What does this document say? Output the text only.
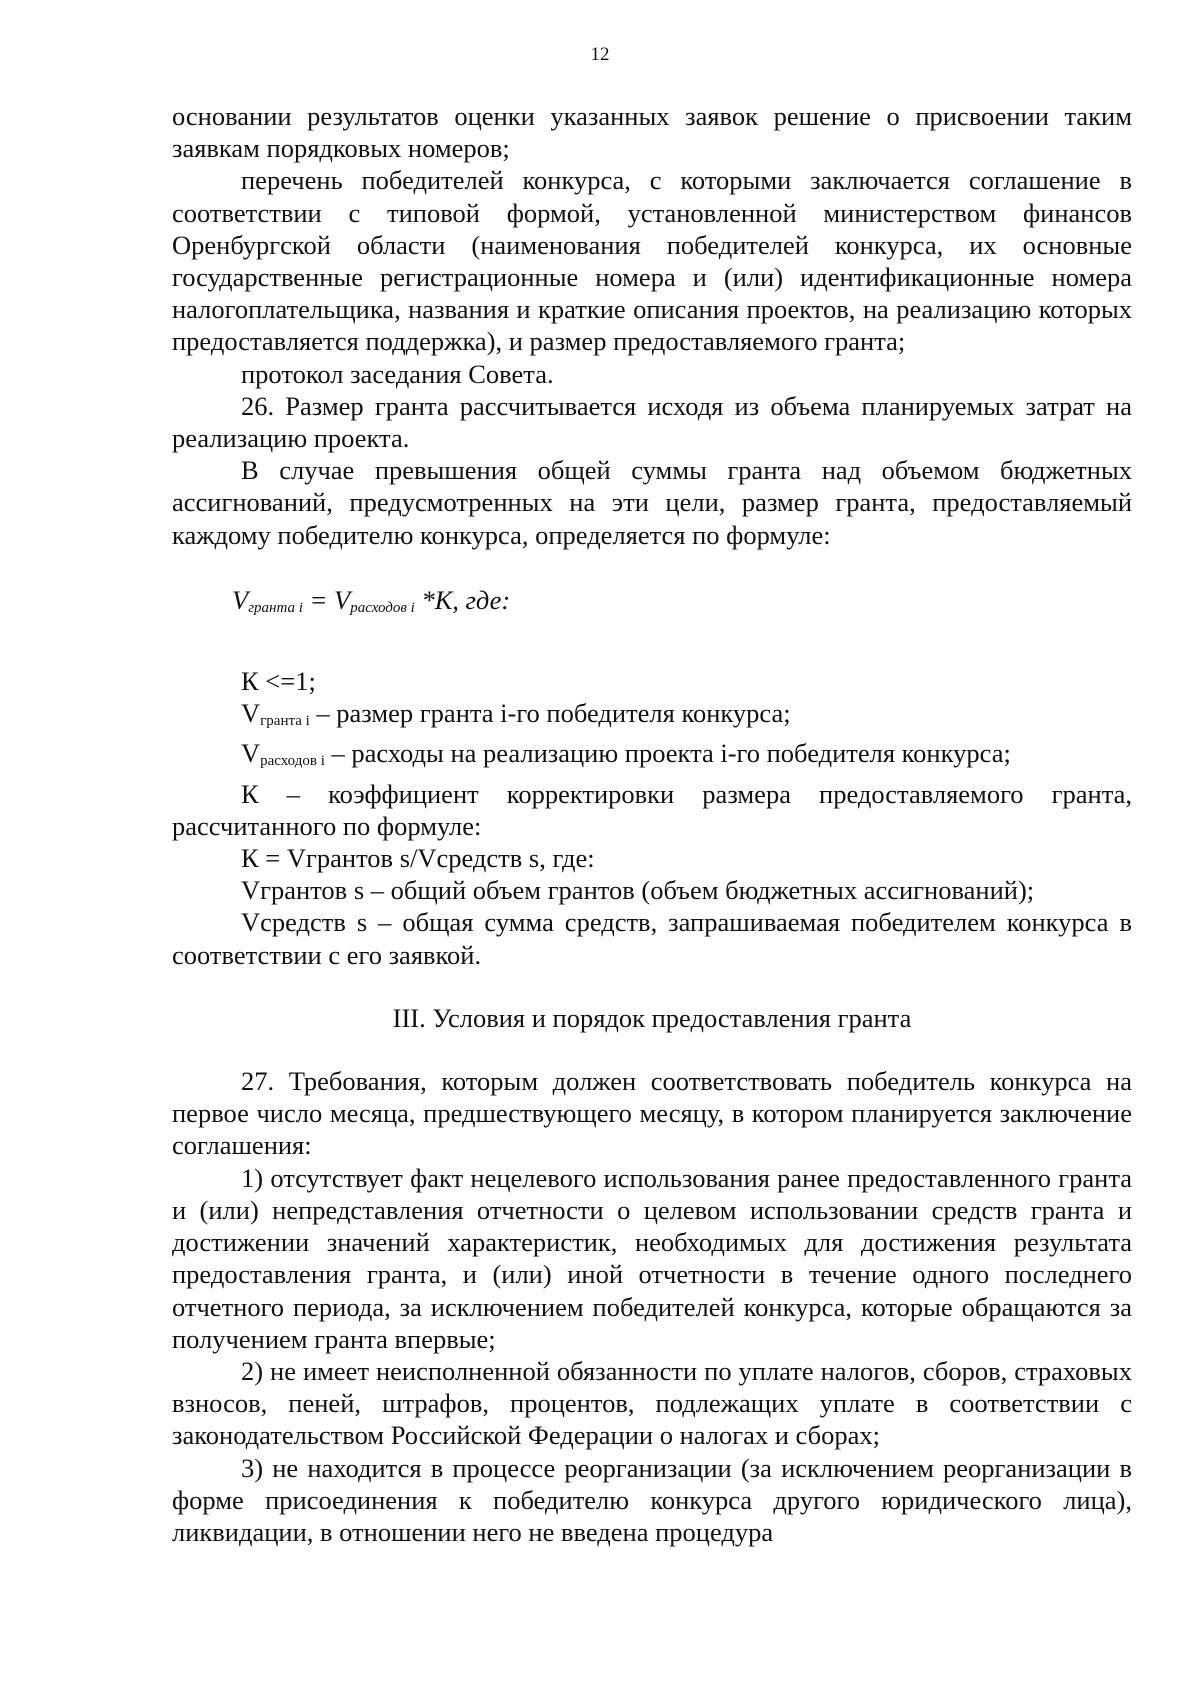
12

основании результатов оценки указанных заявок решение о присвоении таким заявкам порядковых номеров;

перечень победителей конкурса, с которыми заключается соглашение в соответствии с типовой формой, установленной министерством финансов Оренбургской области (наименования победителей конкурса, их основные государственные регистрационные номера и (или) идентификационные номера налогоплательщика, названия и краткие описания проектов, на реализацию которых предоставляется поддержка), и размер предоставляемого гранта;

протокол заседания Совета.

26. Размер гранта рассчитывается исходя из объема планируемых затрат на реализацию проекта.

В случае превышения общей суммы гранта над объемом бюджетных ассигнований, предусмотренных на эти цели, размер гранта, предоставляемый каждому победителю конкурса, определяется по формуле:

$V_{гранта i} = V_{расходов i}$ *К, где:

К <=1;

$V_{гранта i}$ – размер гранта i-го победителя конкурса;

$V_{расходов i}$ – расходы на реализацию проекта i-го победителя конкурса;

К – коэффициент корректировки размера предоставляемого гранта, рассчитанного по формуле:

К = Vгрантов s/Vсредств s, где:

Vгрантов s – общий объем грантов (объем бюджетных ассигнований);

Vсредств s – общая сумма средств, запрашиваемая победителем конкурса в соответствии с его заявкой.

III. Условия и порядок предоставления гранта

27. Требования, которым должен соответствовать победитель конкурса на первое число месяца, предшествующего месяцу, в котором планируется заключение соглашения:

1) отсутствует факт нецелевого использования ранее предоставленного гранта и (или) непредставления отчетности о целевом использовании средств гранта и достижении значений характеристик, необходимых для достижения результата предоставления гранта, и (или) иной отчетности в течение одного последнего отчетного периода, за исключением победителей конкурса, которые обращаются за получением гранта впервые;

2) не имеет неисполненной обязанности по уплате налогов, сборов, страховых взносов, пеней, штрафов, процентов, подлежащих уплате в соответствии с законодательством Российской Федерации о налогах и сборах;

3) не находится в процессе реорганизации (за исключением реорганизации в форме присоединения к победителю конкурса другого юридического лица), ликвидации, в отношении него не введена процедура
